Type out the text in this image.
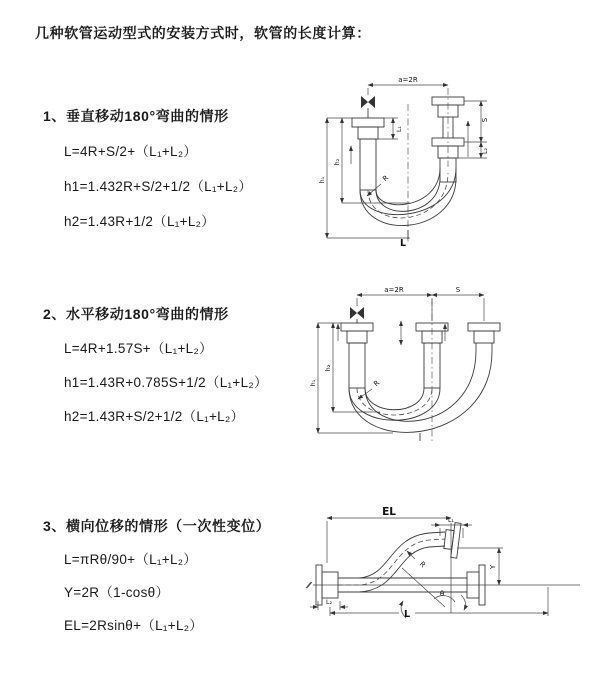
几种软管运动型式的安装方式时，软管的长度计算：
1、垂直移动180°弯曲的情形
L=4R+S/2+（L₁+L₂）
h1=1.432R+S/2+1/2（L₁+L₂）
h2=1.43R+1/2（L₁+L₂）
2、水平移动180°弯曲的情形
L=4R+1.57S+（L₁+L₂）
h1=1.43R+0.785S+1/2（L₁+L₂）
h2=1.43R+S/2+1/2（L₁+L₂）
3、横向位移的情形（一次性变位）
L=πRθ/90+（L₁+L₂）
Y=2R（1-cosθ）
EL=2Rsinθ+（L₁+L₂）
a=2R
L₁
S
L₂
h₂
h₁	R
L
a=2R	S
h₂
h₁	R
EL
L₁
Y
R
θ
L₂
L
